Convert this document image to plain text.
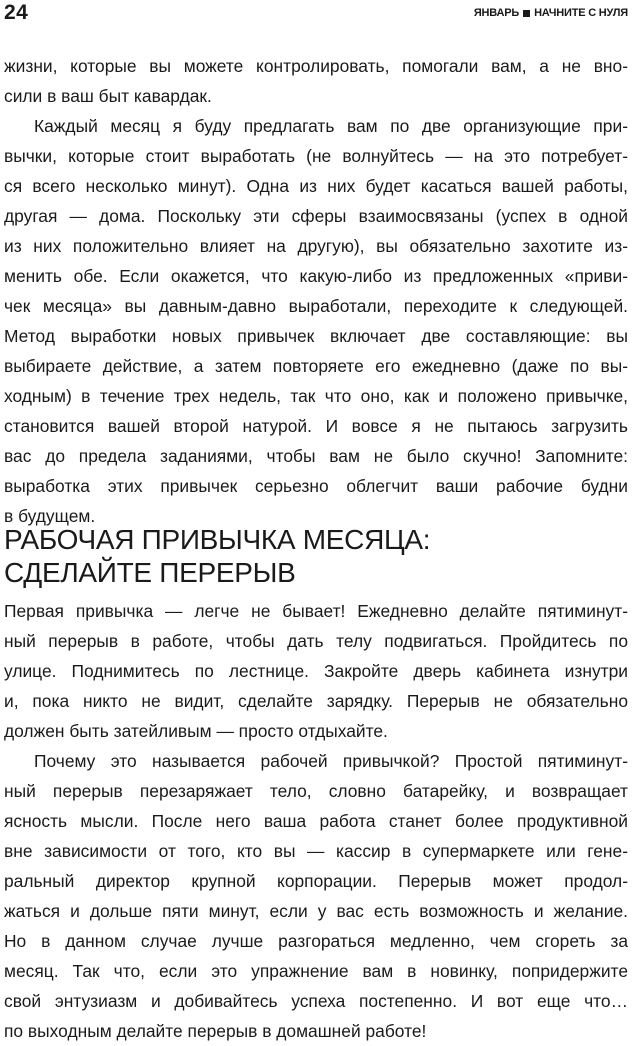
24	ЯНВАРЬ НАЧНИТЕ С НУЛЯ
жизни, которые вы можете контролировать, помогали вам, а не вно-
сили в ваш быт кавардак.
Каждый месяц я буду предлагать вам по две организующие при-
вычки, которые стоит выработать (не волнуйтесь — на это потребует-
ся всего несколько минут). Одна из них будет касаться вашей работы,
другая — дома. Поскольку эти сферы взаимосвязаны (успех в одной
из них положительно влияет на другую), вы обязательно захотите из-
менить обе. Если окажется, что какую-либо из предложенных «приви-
чек месяца» вы давным-давно выработали, переходите к следующей.
Метод выработки новых привычек включает две составляющие: вы
выбираете действие, а затем повторяете его ежедневно (даже по вы-
ходным) в течение трех недель, так что оно, как и положено привычке,
становится вашей второй натурой. И вовсе я не пытаюсь загрузить
вас до предела заданиями, чтобы вам не было скучно! Запомните:
выработка этих привычек серьезно облегчит ваши рабочие будни
в будущем.
РАБОЧАЯ ПРИВЫЧКА МЕСЯЦА:
СДЕЛАЙТЕ ПЕРЕРЫВ
Первая привычка — легче не бывает! Ежедневно делайте пятиминут-
ный перерыв в работе, чтобы дать телу подвигаться. Пройдитесь по
улице. Поднимитесь по лестнице. Закройте дверь кабинета изнутри
и, пока никто не видит, сделайте зарядку. Перерыв не обязательно
должен быть затейливым — просто отдыхайте.
Почему это называется рабочей привычкой? Простой пятиминут-
ный перерыв перезаряжает тело, словно батарейку, и возвращает
ясность мысли. После него ваша работа станет более продуктивной
вне зависимости от того, кто вы — кассир в супермаркете или гене-
ральный директор крупной корпорации. Перерыв может продол-
жаться и дольше пяти минут, если у вас есть возможность и желание.
Но в данном случае лучше разгораться медленно, чем сгореть за
месяц. Так что, если это упражнение вам в новинку, попридержите
свой энтузиазм и добивайтесь успеха постепенно. И вот еще что…
по выходным делайте перерыв в домашней работе!
